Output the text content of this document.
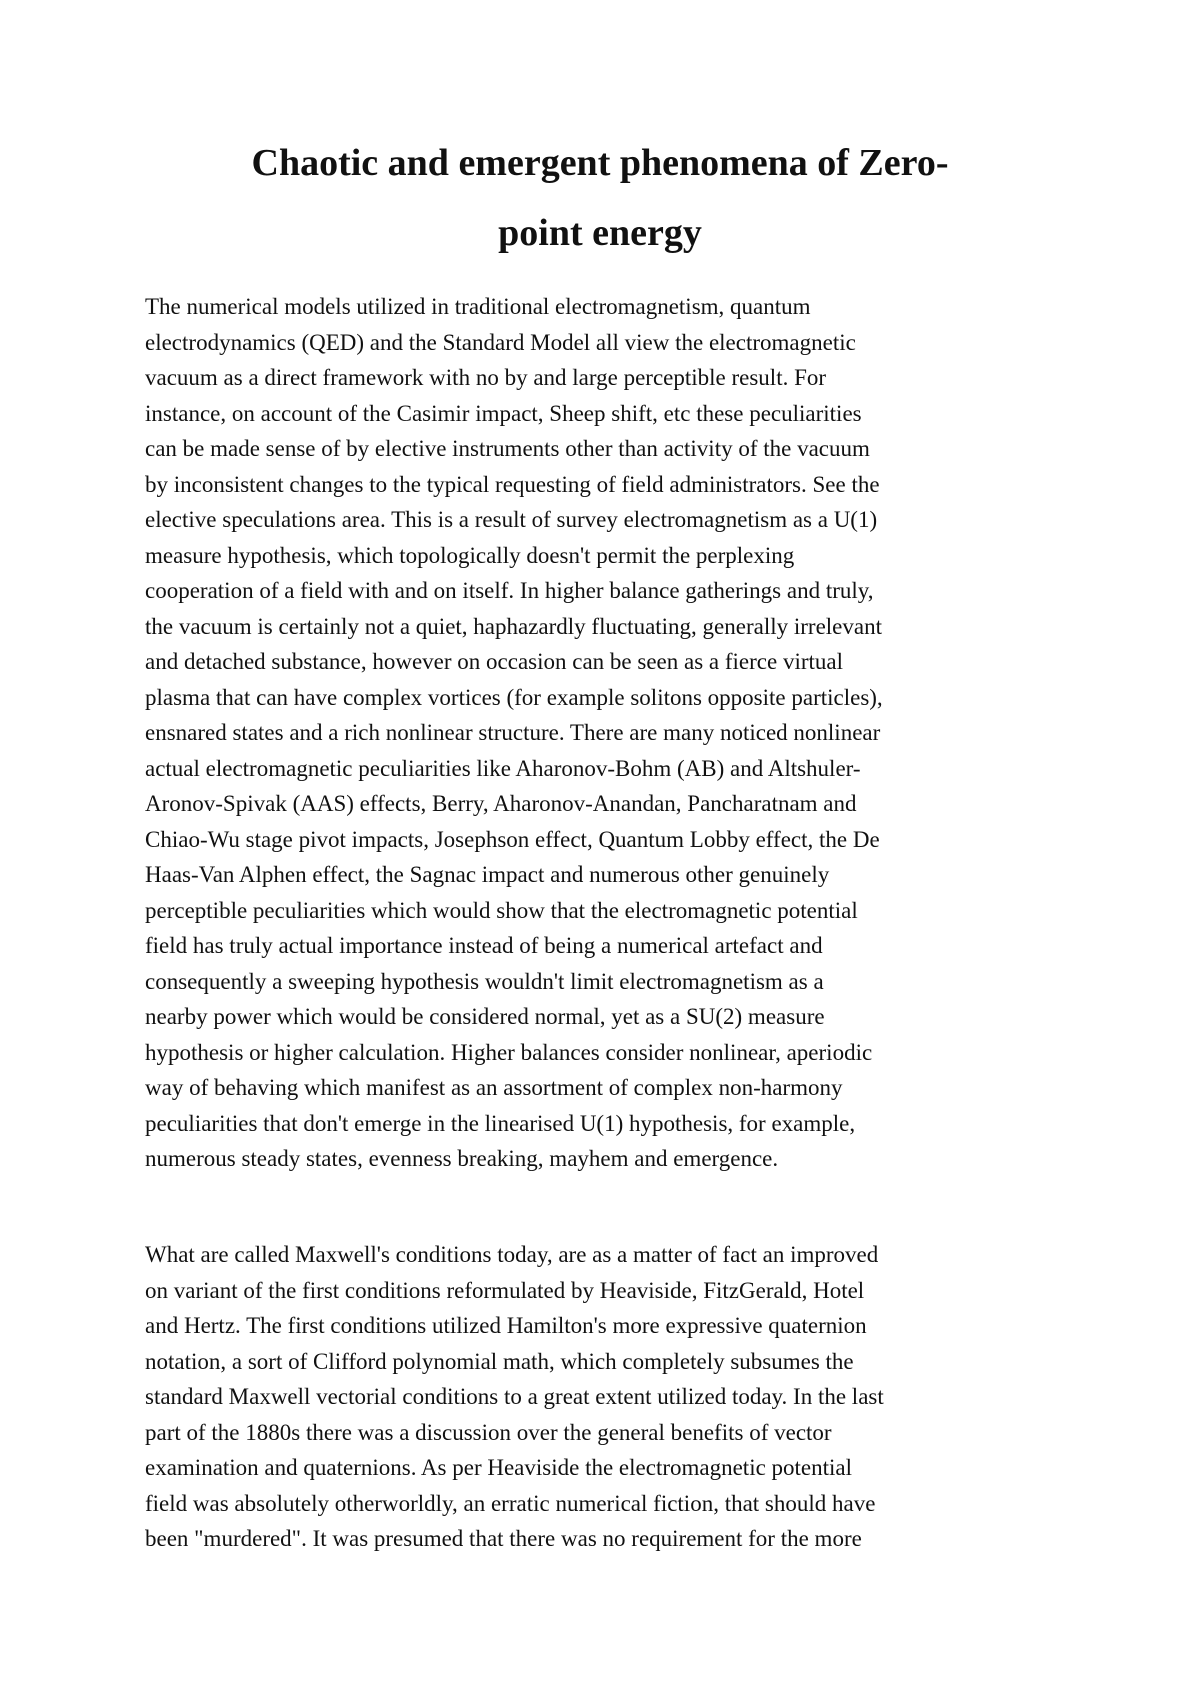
Chaotic and emergent phenomena of Zero-
point energy
The numerical models utilized in traditional electromagnetism, quantum
electrodynamics (QED) and the Standard Model all view the electromagnetic
vacuum as a direct framework with no by and large perceptible result. For
instance, on account of the Casimir impact, Sheep shift, etc these peculiarities
can be made sense of by elective instruments other than activity of the vacuum
by inconsistent changes to the typical requesting of field administrators. See the
elective speculations area. This is a result of survey electromagnetism as a U(1)
measure hypothesis, which topologically doesn't permit the perplexing
cooperation of a field with and on itself. In higher balance gatherings and truly,
the vacuum is certainly not a quiet, haphazardly fluctuating, generally irrelevant
and detached substance, however on occasion can be seen as a fierce virtual
plasma that can have complex vortices (for example solitons opposite particles),
ensnared states and a rich nonlinear structure. There are many noticed nonlinear
actual electromagnetic peculiarities like Aharonov-Bohm (AB) and Altshuler-
Aronov-Spivak (AAS) effects, Berry, Aharonov-Anandan, Pancharatnam and
Chiao-Wu stage pivot impacts, Josephson effect, Quantum Lobby effect, the De
Haas-Van Alphen effect, the Sagnac impact and numerous other genuinely
perceptible peculiarities which would show that the electromagnetic potential
field has truly actual importance instead of being a numerical artefact and
consequently a sweeping hypothesis wouldn't limit electromagnetism as a
nearby power which would be considered normal, yet as a SU(2) measure
hypothesis or higher calculation. Higher balances consider nonlinear, aperiodic
way of behaving which manifest as an assortment of complex non-harmony
peculiarities that don't emerge in the linearised U(1) hypothesis, for example,
numerous steady states, evenness breaking, mayhem and emergence.
What are called Maxwell's conditions today, are as a matter of fact an improved
on variant of the first conditions reformulated by Heaviside, FitzGerald, Hotel
and Hertz. The first conditions utilized Hamilton's more expressive quaternion
notation, a sort of Clifford polynomial math, which completely subsumes the
standard Maxwell vectorial conditions to a great extent utilized today. In the last
part of the 1880s there was a discussion over the general benefits of vector
examination and quaternions. As per Heaviside the electromagnetic potential
field was absolutely otherworldly, an erratic numerical fiction, that should have
been "murdered". It was presumed that there was no requirement for the more
